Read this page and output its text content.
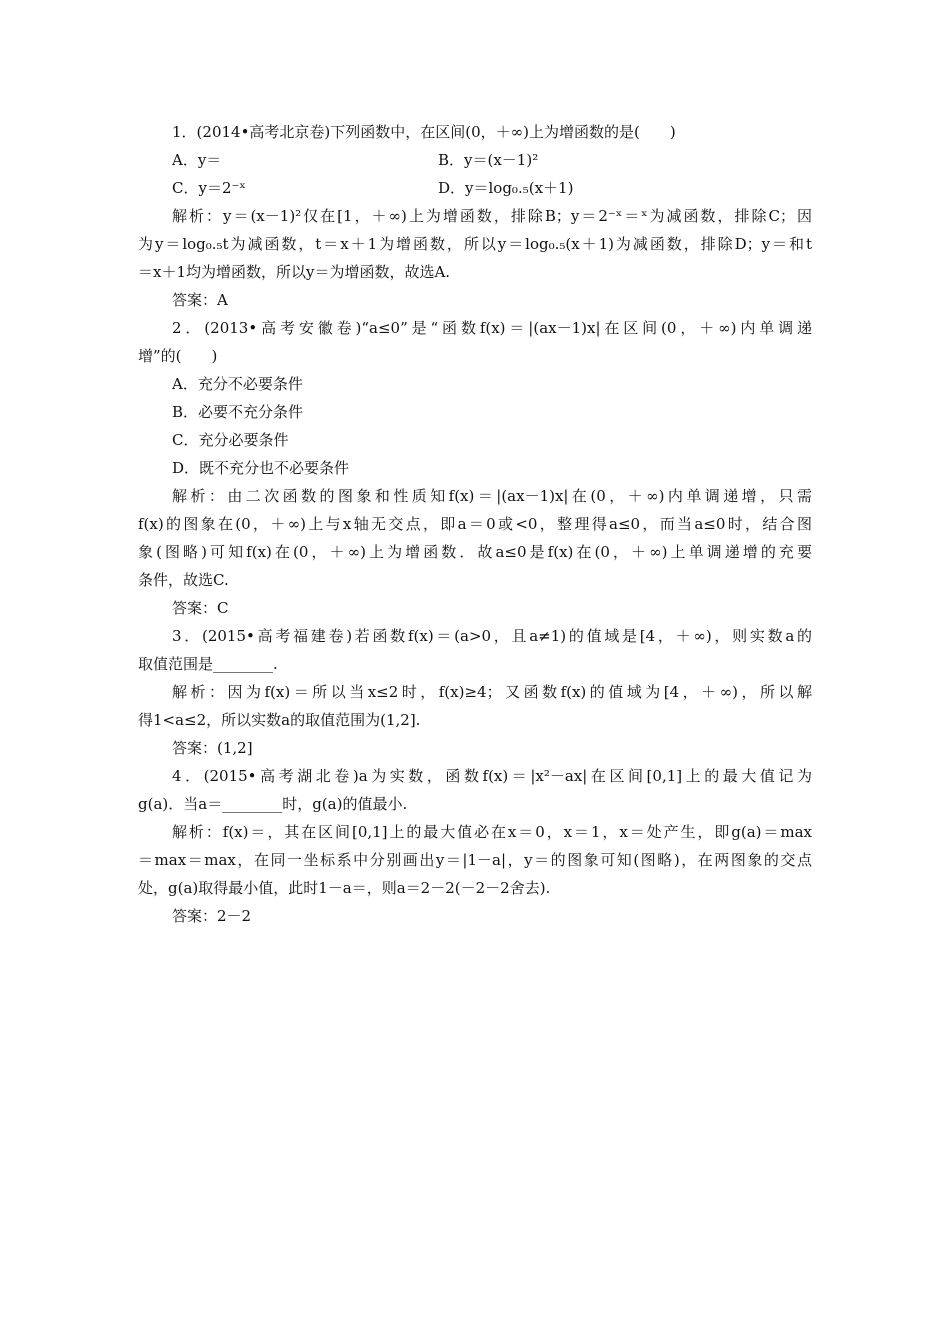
1．(2014•高考北京卷)下列函数中，在区间(0，＋∞)上为增函数的是(　　)
A．y＝	B．y＝(x－1)²
C．y＝2⁻ˣ	D．y＝log₀.₅(x＋1)
解析：y＝(x－1)²仅在[1，＋∞)上为增函数，排除B；y＝2⁻ˣ＝ˣ为减函数，排除C；因
为y＝log₀.₅t为减函数，t＝x＋1为增函数，所以y＝log₀.₅(x＋1)为减函数，排除D；y＝和t
＝x＋1均为增函数，所以y＝为增函数，故选A.
答案：A
2．(2013•高考安徽卷)“a≤0”是“函数f(x)＝|(ax－1)x|在区间(0，＋∞)内单调递
增”的(　　)
A．充分不必要条件
B．必要不充分条件
C．充分必要条件
D．既不充分也不必要条件
解析：由二次函数的图象和性质知f(x)＝|(ax－1)x|在(0，＋∞)内单调递增，只需
f(x)的图象在(0，＋∞)上与x轴无交点，即a＝0或<0，整理得a≤0，而当a≤0时，结合图
象(图略)可知f(x)在(0，＋∞)上为增函数．故a≤0是f(x)在(0，＋∞)上单调递增的充要
条件，故选C.
答案：C
3．(2015•高考福建卷)若函数f(x)＝(a>0，且a≠1)的值域是[4，＋∞)，则实数a的
取值范围是________.
解析：因为f(x)＝所以当x≤2时，f(x)≥4；又函数f(x)的值域为[4，＋∞)，所以解
得1<a≤2，所以实数a的取值范围为(1,2].
答案：(1,2]
4．(2015•高考湖北卷)a为实数，函数f(x)＝|x²－ax|在区间[0,1]上的最大值记为
g(a)．当a＝________时，g(a)的值最小.
解析：f(x)＝，其在区间[0,1]上的最大值必在x＝0，x＝1，x＝处产生，即g(a)＝max
＝max＝max，在同一坐标系中分别画出y＝|1－a|，y＝的图象可知(图略)，在两图象的交点
处，g(a)取得最小值，此时1－a＝，则a＝2－2(－2－2舍去).
答案：2－2
